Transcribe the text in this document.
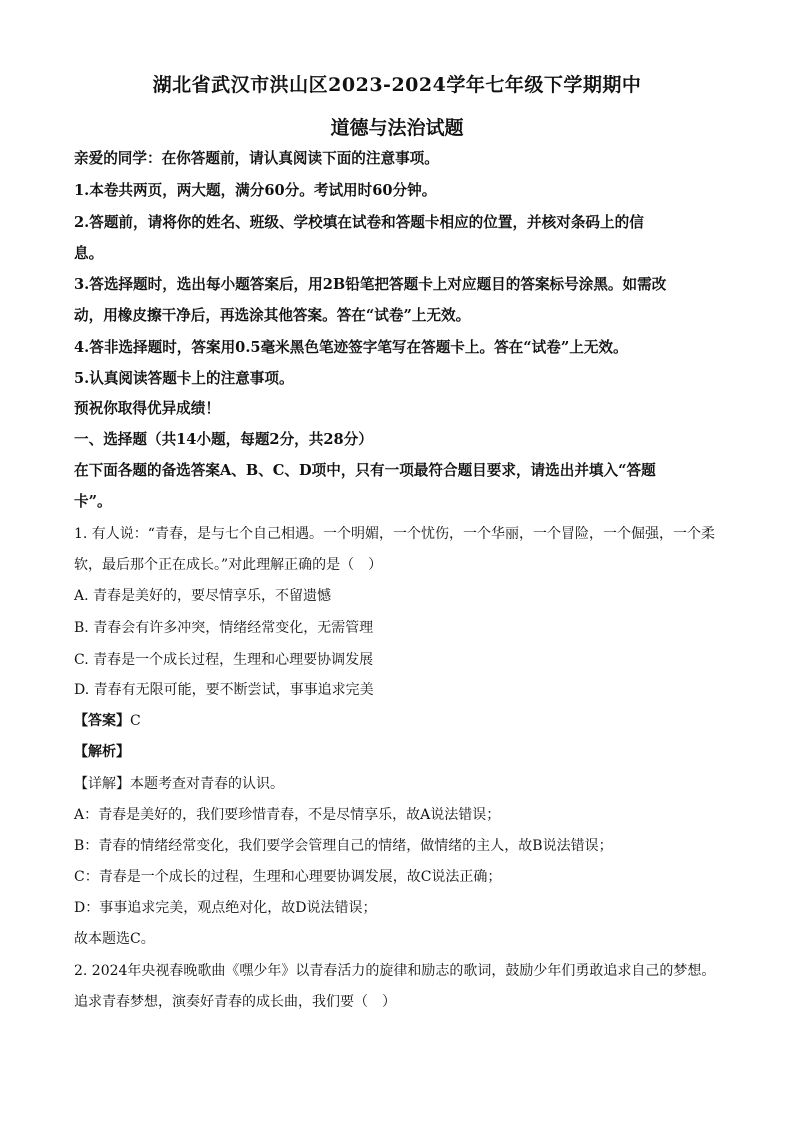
湖北省武汉市洪山区2023-2024学年七年级下学期期中
道德与法治试题
亲爱的同学：在你答题前，请认真阅读下面的注意事项。
1.本卷共两页，两大题，满分60分。考试用时60分钟。
2.答题前，请将你的姓名、班级、学校填在试卷和答题卡相应的位置，并核对条码上的信
息。
3.答选择题时，选出每小题答案后，用2B铅笔把答题卡上对应题目的答案标号涂黑。如需改
动，用橡皮擦干净后，再选涂其他答案。答在“试卷”上无效。
4.答非选择题时，答案用0.5毫米黑色笔迹签字笔写在答题卡上。答在“试卷”上无效。
5.认真阅读答题卡上的注意事项。
预祝你取得优异成绩！
一、选择题（共14小题，每题2分，共28分）
在下面各题的备选答案A、B、C、D项中，只有一项最符合题目要求，请选出并填入“答题
卡”。
1. 有人说：“青春，是与七个自己相遇。一个明媚，一个忧伤，一个华丽，一个冒险，一个倔强，一个柔
软，最后那个正在成长。”对此理解正确的是（　）
A. 青春是美好的，要尽情享乐，不留遗憾
B. 青春会有许多冲突，情绪经常变化，无需管理
C. 青春是一个成长过程，生理和心理要协调发展
D. 青春有无限可能，要不断尝试，事事追求完美
【答案】C
【解析】
【详解】本题考查对青春的认识。
A：青春是美好的，我们要珍惜青春，不是尽情享乐，故A说法错误；
B：青春的情绪经常变化，我们要学会管理自己的情绪，做情绪的主人，故B说法错误；
C：青春是一个成长的过程，生理和心理要协调发展，故C说法正确；
D：事事追求完美，观点绝对化，故D说法错误；
故本题选C。
2. 2024年央视春晚歌曲《嘿少年》以青春活力的旋律和励志的歌词，鼓励少年们勇敢追求自己的梦想。
追求青春梦想，演奏好青春的成长曲，我们要（　）
